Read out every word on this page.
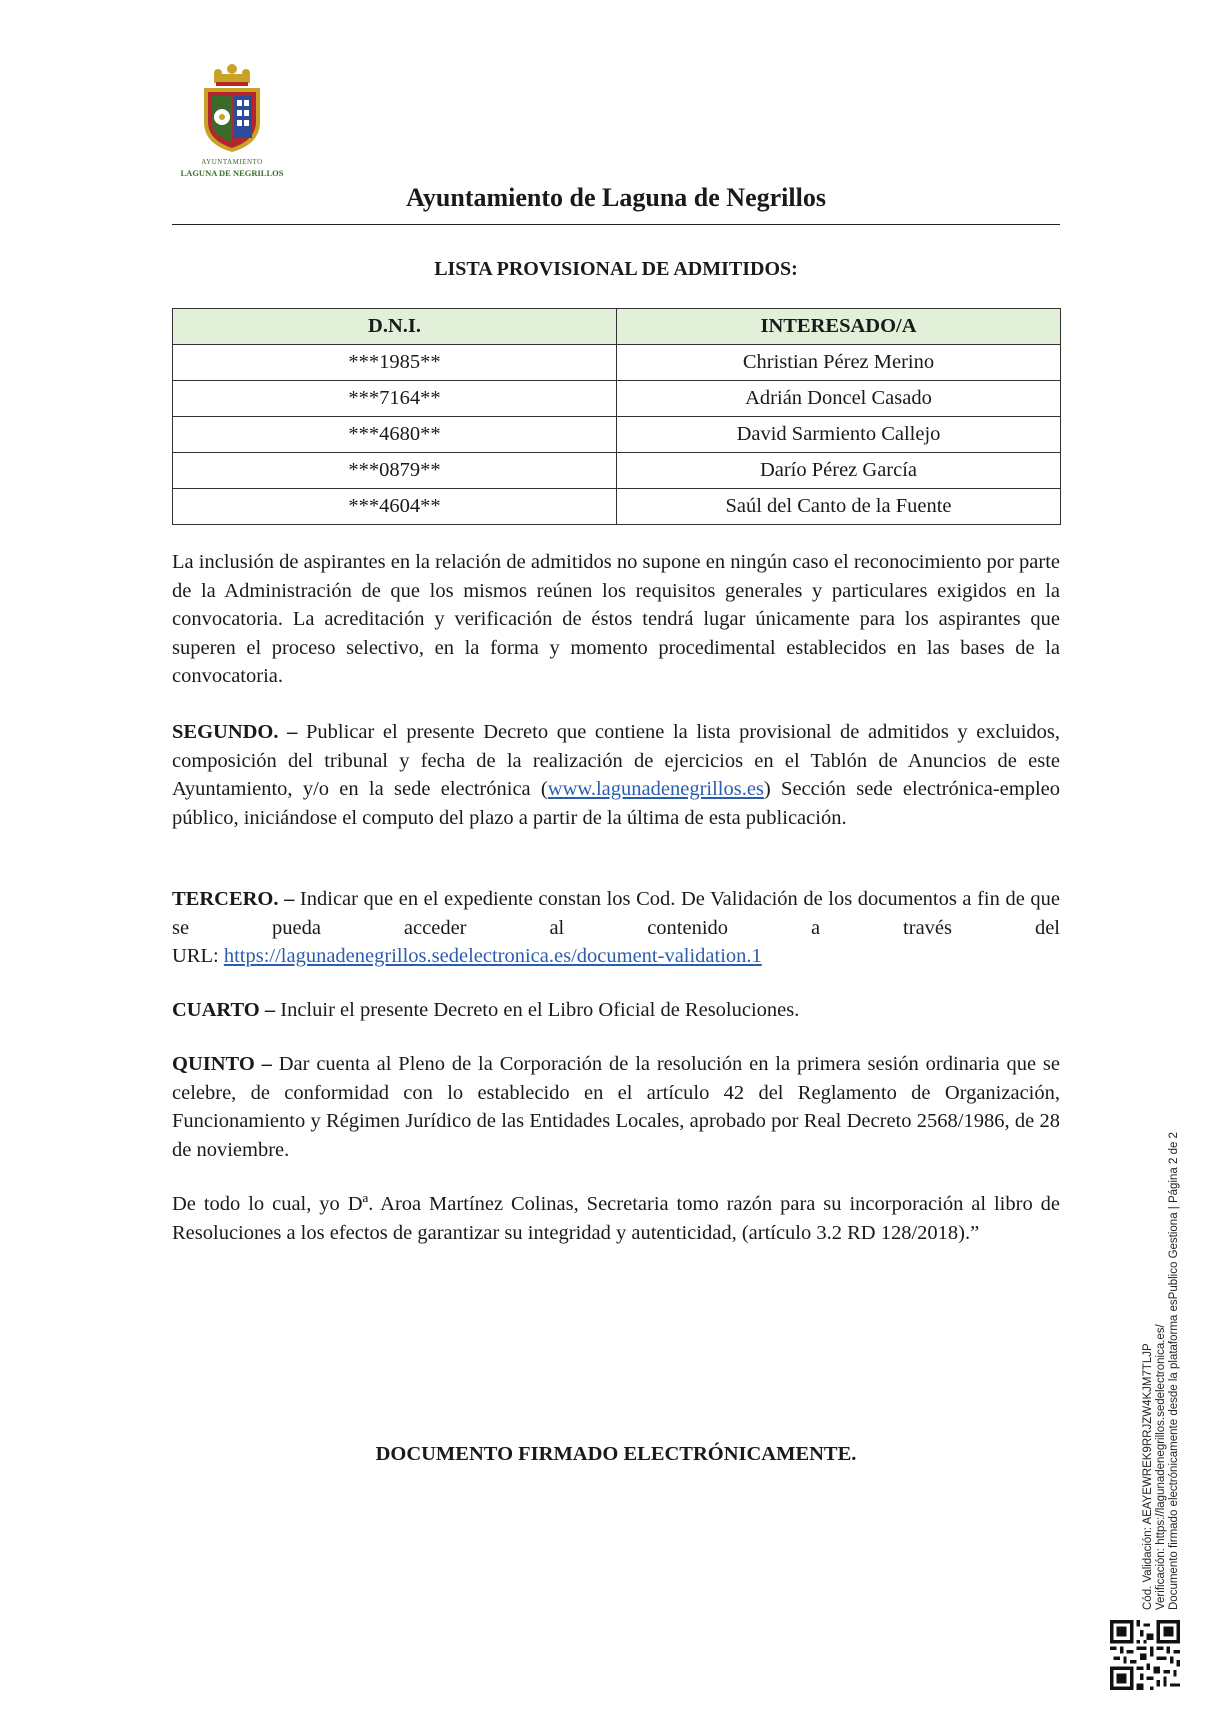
AYUNTAMIENTO
LAGUNA DE NEGRILLOS
Ayuntamiento de Laguna de Negrillos
LISTA PROVISIONAL DE ADMITIDOS:
D.N.I.	INTERESADO/A
***1985**	Christian Pérez Merino
***7164**	Adrián Doncel Casado
***4680**	David Sarmiento Callejo
***0879**	Darío Pérez García
***4604**	Saúl del Canto de la Fuente
La inclusión de aspirantes en la relación de admitidos no supone en ningún caso el reconocimiento por parte de la Administración de que los mismos reúnen los requisitos generales y particulares exigidos en la convocatoria. La acreditación y verificación de éstos tendrá lugar únicamente para los aspirantes que superen el proceso selectivo, en la forma y momento procedimental establecidos en las bases de la convocatoria.
SEGUNDO. – Publicar el presente Decreto que contiene la lista provisional de admitidos y excluidos, composición del tribunal y fecha de la realización de ejercicios en el Tablón de Anuncios de este Ayuntamiento, y/o en la sede electrónica (www.lagunadenegrillos.es) Sección sede electrónica-empleo público, iniciándose el computo del plazo a partir de la última de esta publicación.
TERCERO. – Indicar que en el expediente constan los Cod. De Validación de los documentos a fin de que se pueda acceder al contenido a través del
URL: https://lagunadenegrillos.sedelectronica.es/document-validation.1
CUARTO – Incluir el presente Decreto en el Libro Oficial de Resoluciones.
QUINTO – Dar cuenta al Pleno de la Corporación de la resolución en la primera sesión ordinaria que se celebre, de conformidad con lo establecido en el artículo 42 del Reglamento de Organización, Funcionamiento y Régimen Jurídico de las Entidades Locales, aprobado por Real Decreto 2568/1986, de 28 de noviembre.
De todo lo cual, yo Dª. Aroa Martínez Colinas, Secretaria tomo razón para su incorporación al libro de Resoluciones a los efectos de garantizar su integridad y autenticidad, (artículo 3.2 RD 128/2018).”
DOCUMENTO FIRMADO ELECTRÓNICAMENTE.	Cód. Validación: AEAYEWREK9RRJZW4KJM7TLJP Verificación: https://lagunadenegrillos.sedelectronica.es/ Documento firmado electrónicamente desde la plataforma esPublico Gestiona | Página 2 de 2
